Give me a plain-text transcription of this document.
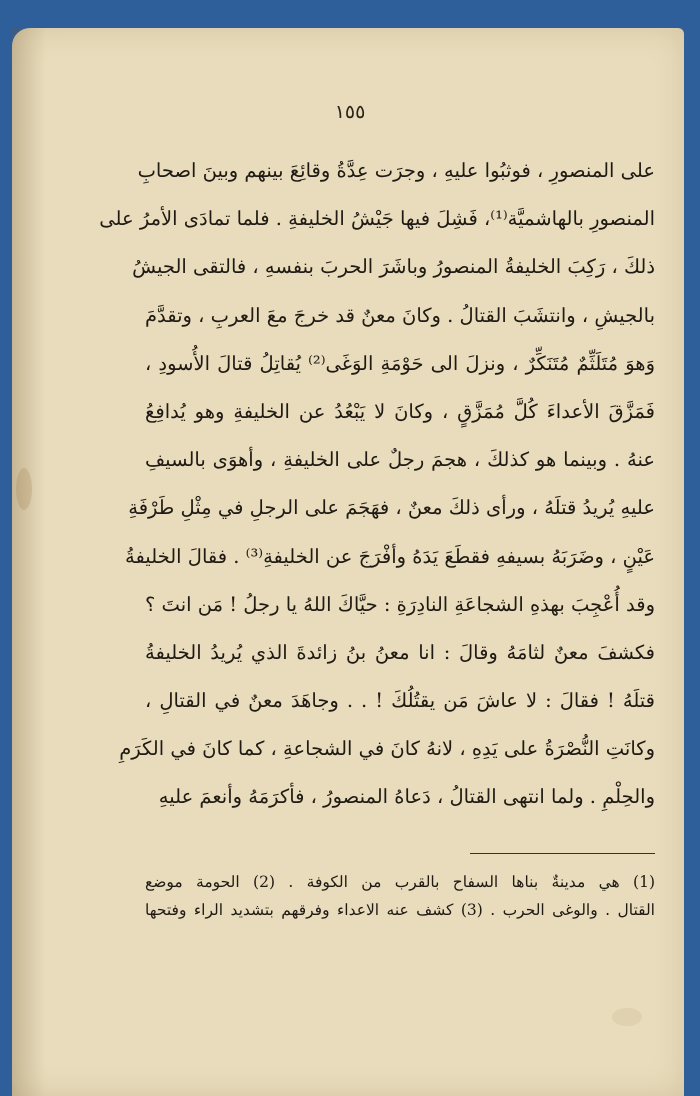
١٥٥
على المنصورِ ، فوثبُوا عليهِ ، وجرَت عِدَّةُ وقائِعَ بينهم وبينَ اصحابِ
المنصورِ بالهاشميَّة⁽¹⁾، فَشِلَ فيها جَيْشُ الخليفةِ . فلما تمادَى الأمرُ على
ذلكَ ، رَكِبَ الخليفةُ المنصورُ وباشَرَ الحربَ بنفسهِ ، فالتقى الجيشُ
بالجيشِ ، وانتشَبَ القتالُ . وكانَ معنٌ قد خرجَ معَ العربِ ، وتقدَّمَ
وَهوَ مُتَلَثِّمٌ مُتَنَكِّرٌ ، ونزلَ الى حَوْمَةِ الوَغَى⁽²⁾ يُقاتِلُ قتالَ الأُسودِ ،
فَمَزَّقَ الأعداءَ كُلَّ مُمَزَّقٍ ، وكانَ لا يَبْعُدُ عن الخليفةِ وهو يُدافِعُ
عنهُ . وبينما هو كذلكَ ، هجمَ رجلٌ على الخليفةِ ، وأهوَى بالسيفِ
عليهِ يُريدُ قتلَهُ ، ورأى ذلكَ معنٌ ، فهَجَمَ على الرجلِ في مِثْلِ طَرْفَةِ
عَيْنٍ ، وضَرَبَهُ بسيفهِ فقطَعَ يَدَهُ وأفْرَجَ عن الخليفةِ⁽³⁾ . فقالَ الخليفةُ
وقد أُعْجِبَ بهذهِ الشجاعَةِ النادِرَةِ : حيَّاكَ اللهُ يا رجلُ ! مَن انتَ ؟
فكشفَ معنٌ لثامَهُ وقالَ : انا معنُ بنُ زائدةَ الذي يُريدُ الخليفةُ
قتلَهُ ! فقالَ : لا عاشَ مَن يقتُلُكَ ! . . وجاهَدَ معنٌ في القتالِ ،
وكانَتِ النُّصْرَةُ على يَدِهِ ، لانهُ كانَ في الشجاعةِ ، كما كانَ في الكَرَمِ
والحِلْمِ . ولما انتهى القتالُ ، دَعاهُ المنصورُ ، فأكرَمَهُ وأنعمَ عليهِ
(1) هي مدينةٌ بناها السفاح بالقرب من الكوفة . (2) الحومة موضع
القتال . والوغى الحرب . (3) كشف عنه الاعداء وفرقهم بتشديد الراء وفتحها
